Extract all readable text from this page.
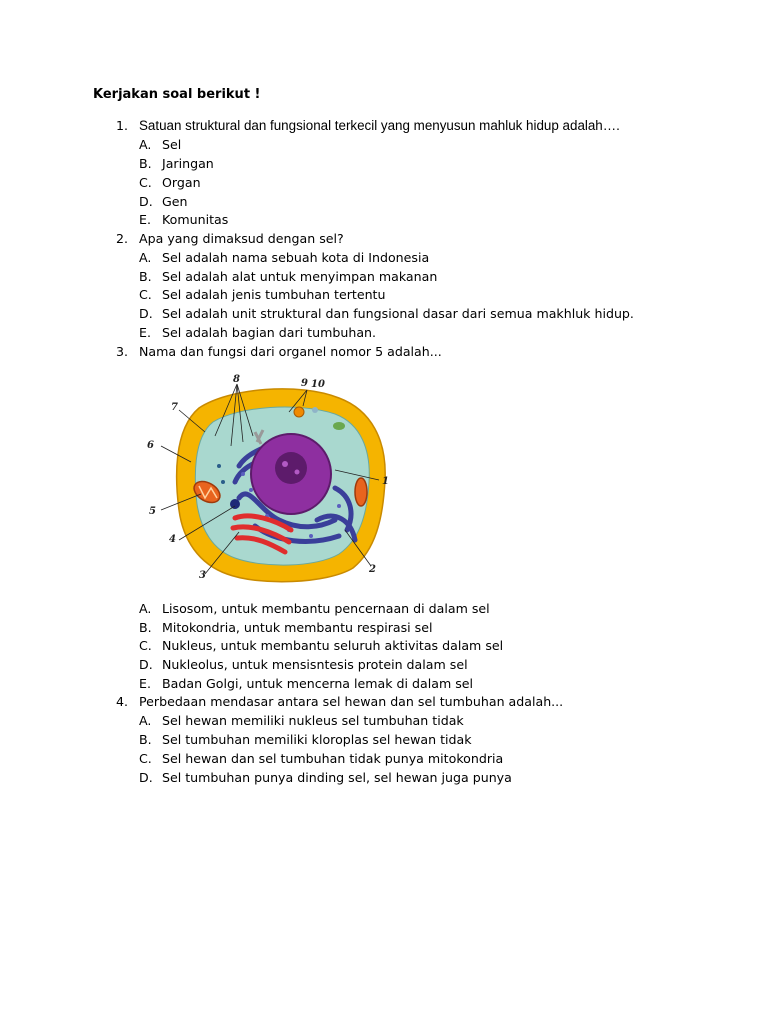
Kerjakan soal berikut !
1. Satuan struktural dan fungsional terkecil yang menyusun mahluk hidup adalah….
A. Sel
B. Jaringan
C. Organ
D. Gen
E. Komunitas
2. Apa yang dimaksud dengan sel?
A. Sel adalah nama sebuah kota di Indonesia
B. Sel adalah alat untuk menyimpan makanan
C. Sel adalah jenis tumbuhan tertentu
D. Sel adalah unit struktural dan fungsional dasar dari semua makhluk hidup.
E. Sel adalah bagian dari tumbuhan.
3. Nama dan fungsi dari organel nomor 5 adalah...
8	9 10
7
6
5
4
3
1
2
A. Lisosom, untuk membantu pencernaan di dalam sel
B. Mitokondria, untuk membantu respirasi sel
C. Nukleus, untuk membantu seluruh aktivitas dalam sel
D. Nukleolus, untuk mensisntesis protein dalam sel
E. Badan Golgi, untuk mencerna lemak di dalam sel
4. Perbedaan mendasar antara sel hewan dan sel tumbuhan adalah...
A. Sel hewan memiliki nukleus sel tumbuhan tidak
B. Sel tumbuhan memiliki kloroplas sel hewan tidak
C. Sel hewan dan sel tumbuhan tidak punya mitokondria
D. Sel tumbuhan punya dinding sel, sel hewan juga punya
